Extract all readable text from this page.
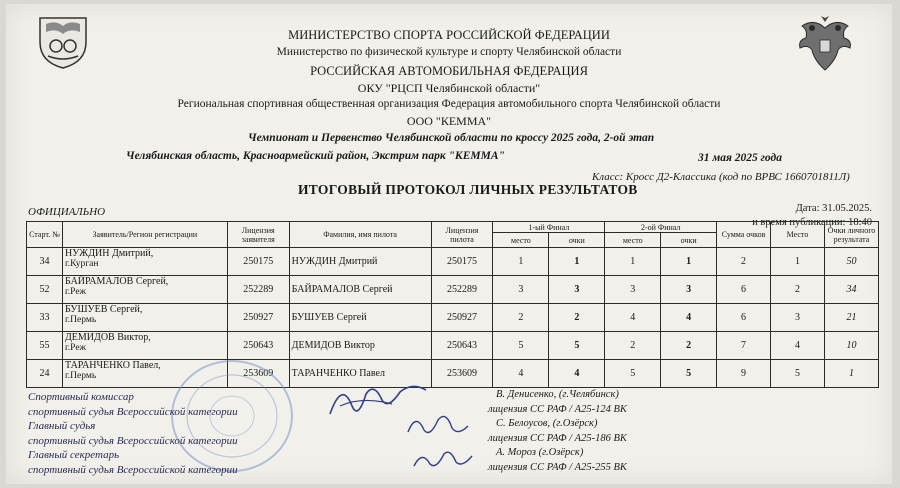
МИНИСТЕРСТВО СПОРТА РОССИЙСКОЙ ФЕДЕРАЦИИ
Министерство по физической культуре и спорту Челябинской области
РОССИЙСКАЯ АВТОМОБИЛЬНАЯ ФЕДЕРАЦИЯ
ОКУ "РЦСП Челябинской области"
Региональная спортивная общественная организация Федерация автомобильного спорта Челябинской области
ООО "КЕММА"
Чемпионат и Первенство Челябинской области по кроссу 2025 года, 2-ой этап
Челябинская область, Красноармейский район, Экстрим парк "КЕММА"	31 мая 2025 года
Класс: Кросс Д2-Классика (код по ВРВС 1660701811Л)
ИТОГОВЫЙ ПРОТОКОЛ ЛИЧНЫХ РЕЗУЛЬТАТОВ
ОФИЦИАЛЬНО	Дата: 31.05.2025.
и время публикации: 18:40
Старт. №	Заявитель/Регион регистрации	Лицензия заявителя	Фамилия, имя пилота	Лицензия пилота	1-ый Финал		2-ой Финал		Сумма очков	Место	Очки личного результата
					место	очки	место	очки			
34	НУЖДИН Дмитрий,
г.Курган	250175	НУЖДИН Дмитрий	250175	1	1	1	1	2	1	50
52	БАЙРАМАЛОВ Сергей,
г.Реж	252289	БАЙРАМАЛОВ Сергей	252289	3	3	3	3	6	2	34
33	БУШУЕВ Сергей,
г.Пермь	250927	БУШУЕВ Сергей	250927	2	2	4	4	6	3	21
55	ДЕМИДОВ Виктор,
г.Реж	250643	ДЕМИДОВ Виктор	250643	5	5	2	2	7	4	10
24	ТАРАНЧЕНКО Павел,
г.Пермь	253609	ТАРАНЧЕНКО Павел	253609	4	4	5	5	9	5	1
Спортивный комиссар
спортивный судья Всероссийской категории
Главный судья
спортивный судья Всероссийской категории
Главный секретарь
спортивный судья Всероссийской категории
В. Денисенко, (г.Челябинск)
лицензия СС РАФ / А25-124 ВК
С. Белоусов, (г.Озёрск)
лицензия СС РАФ / А25-186 ВК
А. Мороз (г.Озёрск)
лицензия СС РАФ / А25-255 ВК
